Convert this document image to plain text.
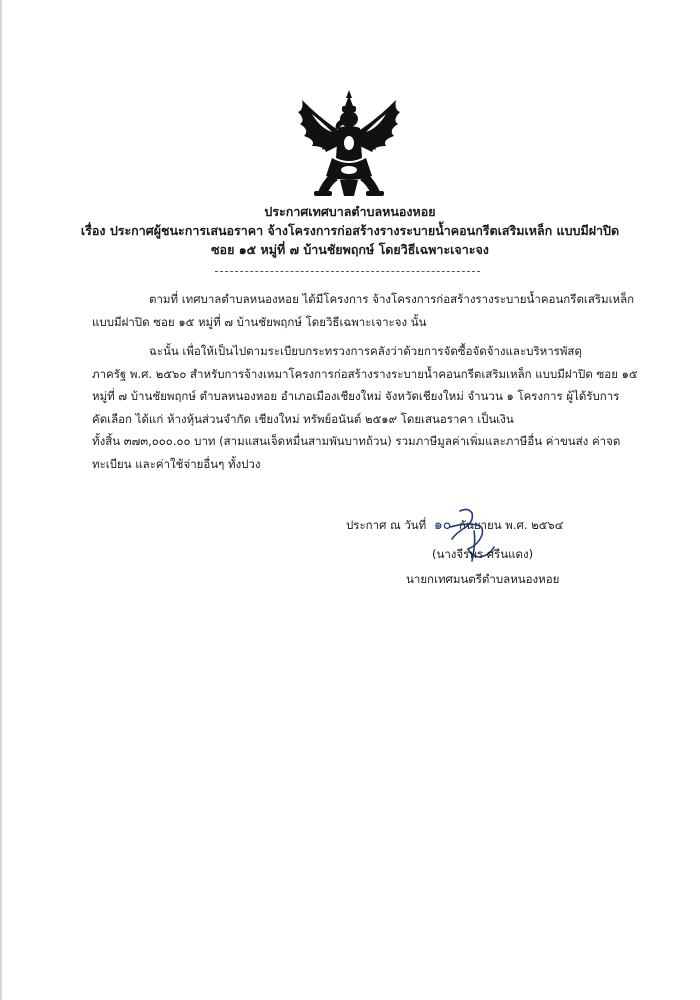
ประกาศเทศบาลตำบลหนองหอย
เรื่อง ประกาศผู้ชนะการเสนอราคา จ้างโครงการก่อสร้างรางระบายน้ำคอนกรีตเสริมเหล็ก แบบมีฝาปิด
ซอย ๑๕ หมู่ที่ ๗ บ้านชัยพฤกษ์ โดยวิธีเฉพาะเจาะจง
ตามที่ เทศบาลตำบลหนองหอย ได้มีโครงการ จ้างโครงการก่อสร้างรางระบายน้ำคอนกรีตเสริมเหล็ก
แบบมีฝาปิด ซอย ๑๕ หมู่ที่ ๗ บ้านชัยพฤกษ์ โดยวิธีเฉพาะเจาะจง นั้น
ฉะนั้น เพื่อให้เป็นไปตามระเบียบกระทรวงการคลังว่าด้วยการจัดซื้อจัดจ้างและบริหารพัสดุ
ภาครัฐ พ.ศ. ๒๕๖๐ สำหรับการจ้างเหมาโครงการก่อสร้างรางระบายน้ำคอนกรีตเสริมเหล็ก แบบมีฝาปิด ซอย ๑๕
หมู่ที่ ๗ บ้านชัยพฤกษ์ ตำบลหนองหอย อำเภอเมืองเชียงใหม่ จังหวัดเชียงใหม่ จำนวน ๑ โครงการ ผู้ได้รับการ
คัดเลือก ได้แก่ ห้างหุ้นส่วนจำกัด เชียงใหม่ ทรัพย์อนันต์ ๒๕๑๙ โดยเสนอราคา เป็นเงิน
ทั้งสิ้น ๓๗๓,๐๐๐.๐๐ บาท (สามแสนเจ็ดหมื่นสามพันบาทถ้วน) รวมภาษีมูลค่าเพิ่มและภาษีอื่น ค่าขนส่ง ค่าจด
ทะเบียน และค่าใช้จ่ายอื่นๆ ทั้งปวง
ประกาศ ณ วันที่ ๑๐ กันยายน พ.ศ. ๒๕๖๔
(นางจีรพร ศรีนแดง)
นายกเทศมนตรีตำบลหนองหอย
